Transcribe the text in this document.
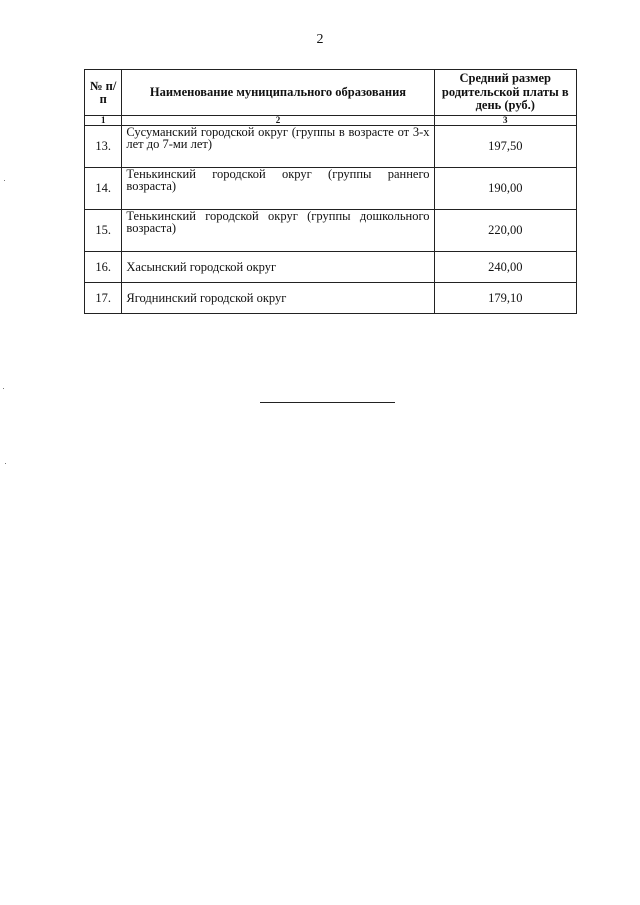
2
№ п/п	Наименование муниципального образования	Средний размер родительской платы в день (руб.)
1	2	3
13.	Сусуманский городской округ (группы в возрасте от 3-х лет до 7-ми лет)	197,50
14.	Тенькинский городской округ (группы раннего возраста)	190,00
15.	Тенькинский городской округ (группы дошкольного возраста)	220,00
16.	Хасынский городской округ	240,00
17.	Ягоднинский городской округ	179,10
